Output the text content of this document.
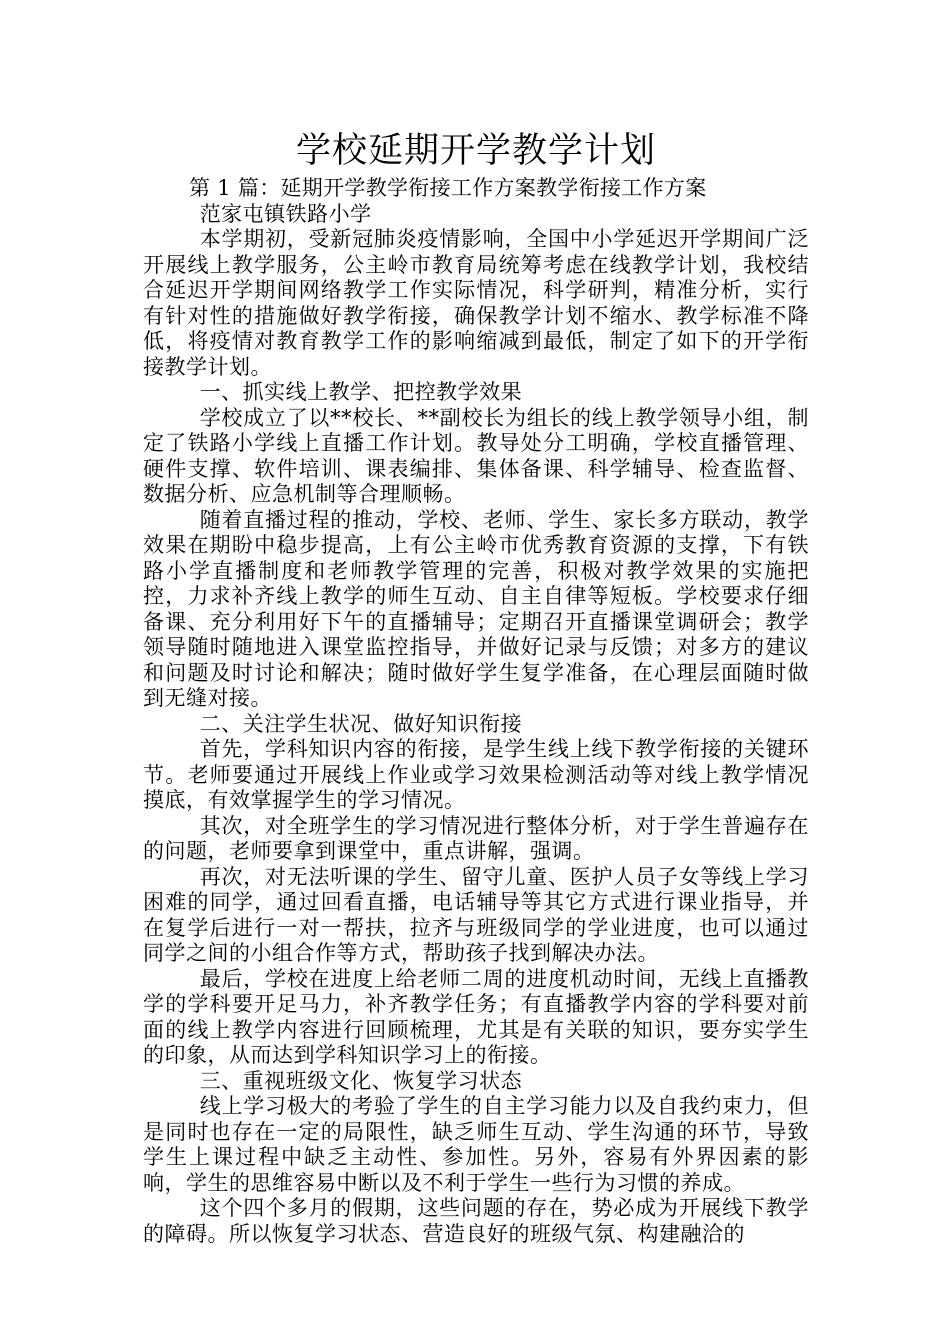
学校延期开学教学计划

第 1 篇：延期开学教学衔接工作方案教学衔接工作方案

范家屯镇铁路小学

本学期初，受新冠肺炎疫情影响，全国中小学延迟开学期间广泛开展线上教学服务，公主岭市教育局统筹考虑在线教学计划，我校结合延迟开学期间网络教学工作实际情况，科学研判，精准分析，实行有针对性的措施做好教学衔接，确保教学计划不缩水、教学标准不降低，将疫情对教育教学工作的影响缩减到最低，制定了如下的开学衔接教学计划。

一、抓实线上教学、把控教学效果

学校成立了以**校长、**副校长为组长的线上教学领导小组，制定了铁路小学线上直播工作计划。教导处分工明确，学校直播管理、硬件支撑、软件培训、课表编排、集体备课、科学辅导、检查监督、数据分析、应急机制等合理顺畅。

随着直播过程的推动，学校、老师、学生、家长多方联动，教学效果在期盼中稳步提高，上有公主岭市优秀教育资源的支撑，下有铁路小学直播制度和老师教学管理的完善，积极对教学效果的实施把控，力求补齐线上教学的师生互动、自主自律等短板。学校要求仔细备课、充分利用好下午的直播辅导；定期召开直播课堂调研会；教学领导随时随地进入课堂监控指导，并做好记录与反馈；对多方的建议和问题及时讨论和解决；随时做好学生复学准备，在心理层面随时做到无缝对接。

二、关注学生状况、做好知识衔接

首先，学科知识内容的衔接，是学生线上线下教学衔接的关键环节。老师要通过开展线上作业或学习效果检测活动等对线上教学情况摸底，有效掌握学生的学习情况。

其次，对全班学生的学习情况进行整体分析，对于学生普遍存在的问题，老师要拿到课堂中，重点讲解，强调。

再次，对无法听课的学生、留守儿童、医护人员子女等线上学习困难的同学，通过回看直播，电话辅导等其它方式进行课业指导，并在复学后进行一对一帮扶，拉齐与班级同学的学业进度，也可以通过同学之间的小组合作等方式，帮助孩子找到解决办法。

最后，学校在进度上给老师二周的进度机动时间，无线上直播教学的学科要开足马力，补齐教学任务；有直播教学内容的学科要对前面的线上教学内容进行回顾梳理，尤其是有关联的知识，要夯实学生的印象，从而达到学科知识学习上的衔接。

三、重视班级文化、恢复学习状态

线上学习极大的考验了学生的自主学习能力以及自我约束力，但是同时也存在一定的局限性，缺乏师生互动、学生沟通的环节，导致学生上课过程中缺乏主动性、参加性。另外，容易有外界因素的影响，学生的思维容易中断以及不利于学生一些行为习惯的养成。

这个四个多月的假期，这些问题的存在，势必成为开展线下教学的障碍。所以恢复学习状态、营造良好的班级气氛、构建融洽的
